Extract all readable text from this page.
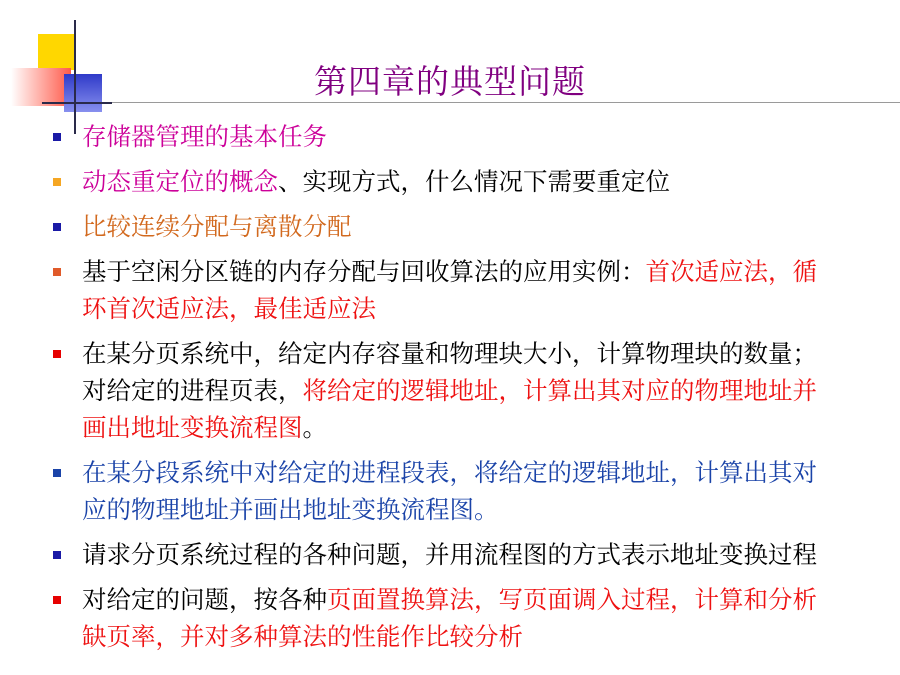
第四章的典型问题
存储器管理的基本任务
动态重定位的概念、实现方式，什么情况下需要重定位
比较连续分配与离散分配
基于空闲分区链的内存分配与回收算法的应用实例：首次适应法，循环首次适应法，最佳适应法
在某分页系统中，给定内存容量和物理块大小，计算物理块的数量；对给定的进程页表，将给定的逻辑地址，计算出其对应的物理地址并画出地址变换流程图。
在某分段系统中对给定的进程段表，将给定的逻辑地址，计算出其对应的物理地址并画出地址变换流程图。
请求分页系统过程的各种问题，并用流程图的方式表示地址变换过程
对给定的问题，按各种页面置换算法，写页面调入过程，计算和分析缺页率，并对多种算法的性能作比较分析
